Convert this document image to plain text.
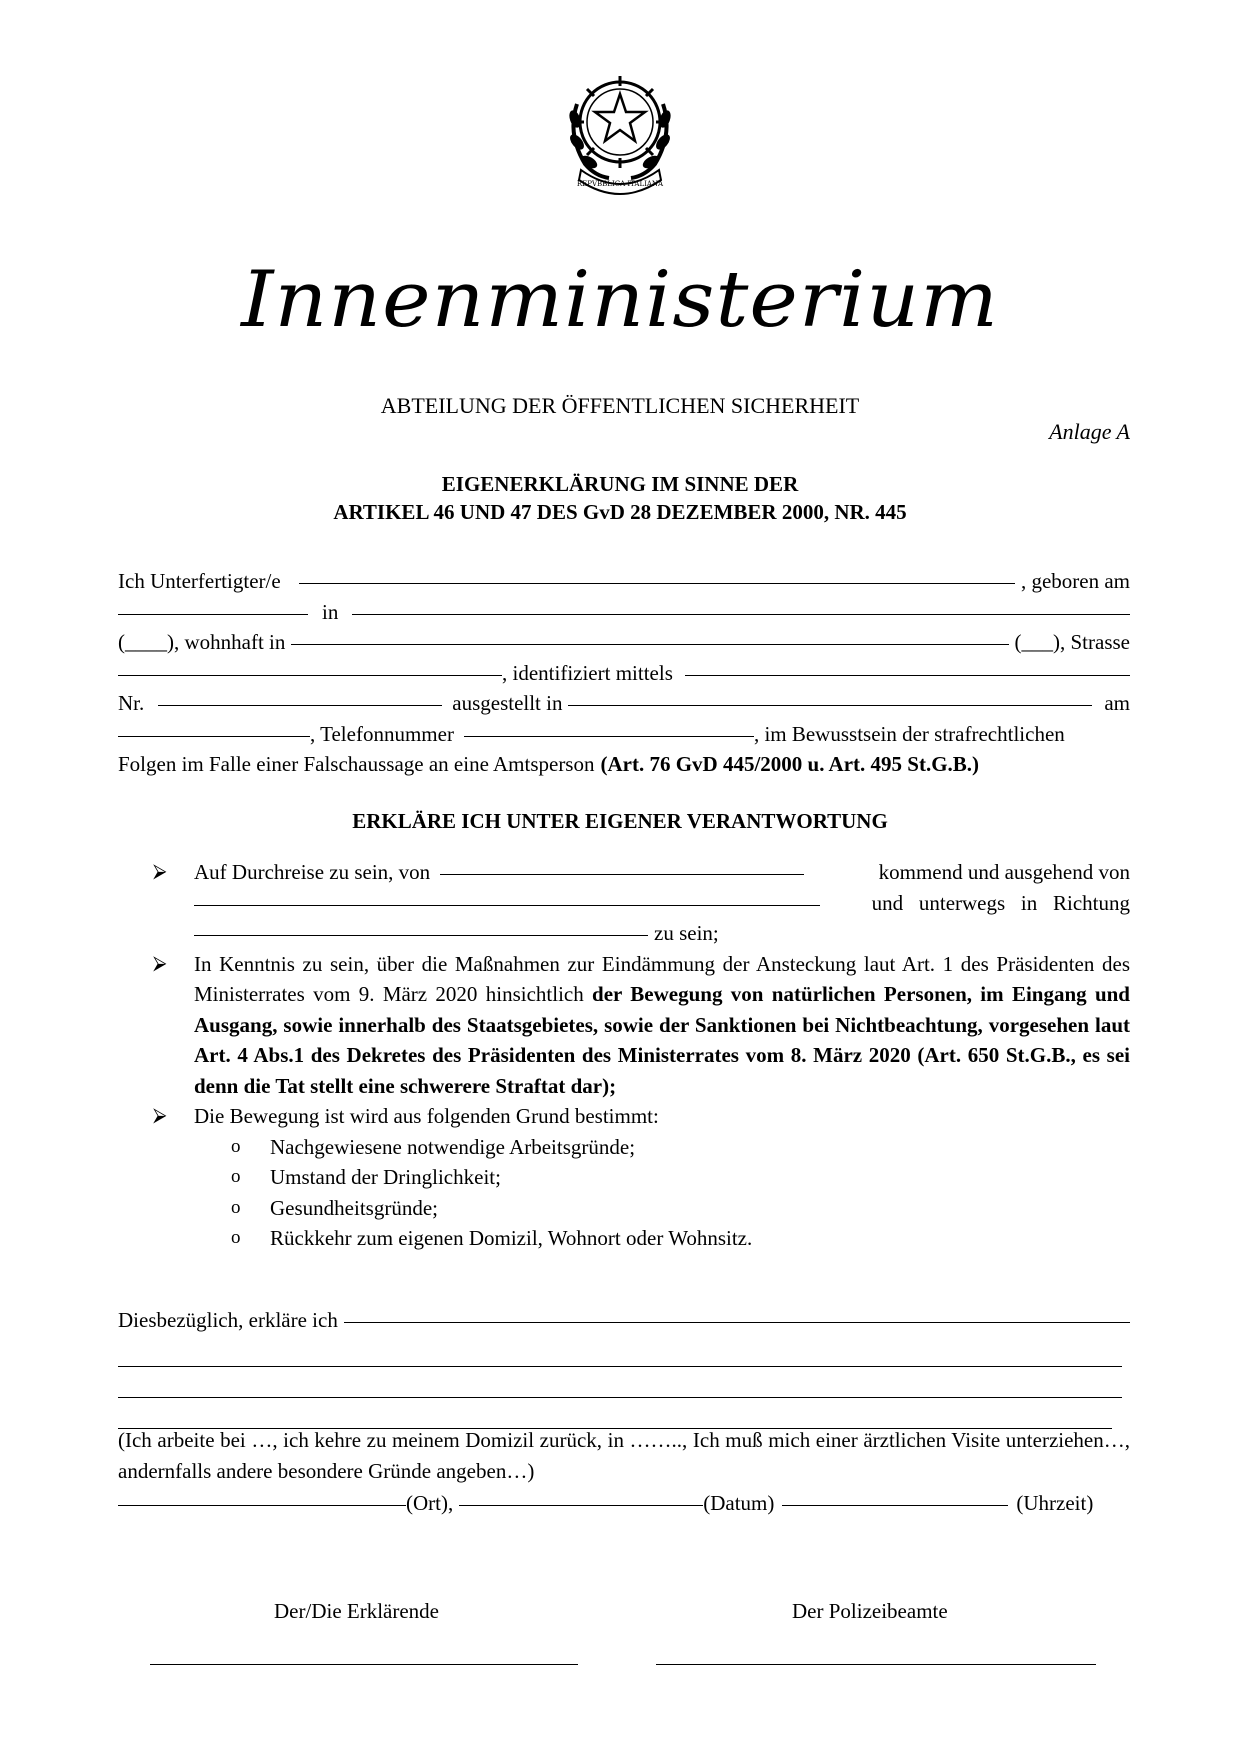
REPVBBLICA ITALIANA
Innenministerium
ABTEILUNG DER ÖFFENTLICHEN SICHERHEIT
Anlage A
EIGENERKLÄRUNG IM SINNE DER
ARTIKEL 46 UND 47 DES GvD 28 DEZEMBER 2000, NR. 445
Ich Unterfertigter/e	, geboren am
in
(____), wohnhaft in	(___), Strasse
, identifiziert mittels
Nr.	ausgestellt in	am
, Telefonnummer	, im Bewusstsein der strafrechtlichen
Folgen im Falle einer Falschaussage an eine Amtsperson (Art. 76 GvD 445/2000 u. Art. 495 St.G.B.)
ERKLÄRE ICH UNTER EIGENER VERANTWORTUNG
⮚ Auf Durchreise zu sein, von	kommend und ausgehend von
und   unterwegs   in   Richtung
zu sein;
⮚ In Kenntnis zu sein, über die Maßnahmen zur Eindämmung der Ansteckung laut Art. 1 des Präsidenten des Ministerrates vom 9. März 2020 hinsichtlich der Bewegung von natürlichen Personen, im Eingang und Ausgang, sowie innerhalb des Staatsgebietes, sowie der Sanktionen bei Nichtbeachtung, vorgesehen laut Art. 4 Abs.1 des Dekretes des Präsidenten des Ministerrates vom 8. März 2020 (Art. 650 St.G.B., es sei denn die Tat stellt eine schwerere Straftat dar);
⮚ Die Bewegung ist wird aus folgenden Grund bestimmt:
o Nachgewiesene notwendige Arbeitsgründe;
o Umstand der Dringlichkeit;
o Gesundheitsgründe;
o Rückkehr zum eigenen Domizil, Wohnort oder Wohnsitz.
Diesbezüglich, erkläre ich
(Ich arbeite bei …, ich kehre zu meinem Domizil zurück, in …….., Ich muß mich einer ärztlichen Visite unterziehen…, andernfalls andere besondere Gründe angeben…)
(Ort),	(Datum)	(Uhrzeit)
Der/Die Erklärende	Der Polizeibeamte
